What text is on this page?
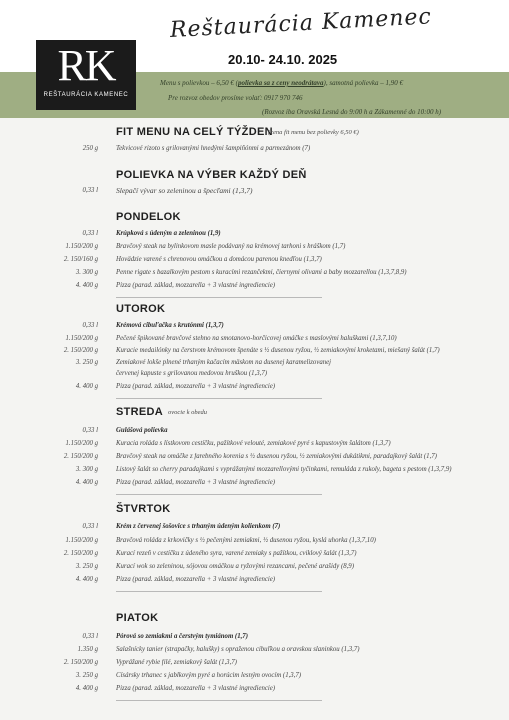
RK
REŠTAURÁCIA KAMENEC
Reštaurácia Kamenec
20.10- 24.10. 2025
Menu s polievkou – 6,50 € (polievka sa z ceny neodrátava), samotná polievka – 1,90 €
Pre rozvoz obedov prosíme volať: 0917 970 746
(Rozvoz iba Oravská Lesná do 9:00 h a Zákamenné do 10:00 h)
FIT MENU NA CELÝ TÝŽDEN
(cena fit menu bez polievky 6,50 €)
250 g	Tekvicové rizoto s grilovanými hnedými šampiňónmi a parmezánom (7)
POLIEVKA NA VÝBER KAŽDÝ DEŇ
0,33 l Slepačí vývar so zeleninou a špecľami (1,3,7)
PONDELOK
0,33 l	Krúpková s údeným a zeleninou (1,9)
1.150/200 g	Bravčový steak na bylinkovom masle podávaný na krémovej tarhoni s hráškom (1,7)
2. 150/160 g	Hovädzie varené s chrenovou omáčkou a domácou parenou knedľou (1,3,7)
3. 300 g	Penne rigate s bazalkovým pestom s kuracími rezančekmi, čiernymi olivami a baby mozzarellou (1,3,7,8,9)
4. 400 g	Pizza (parad. základ, mozzarella + 3 vlastné ingrediencie)
UTOROK
0,33 l	Krémová cibuľačka s krutónmi (1,3,7)
1.150/200 g	Pečené špikované bravčové stehno na smotanovo-horčicovej omáčke s maslovými haluškami (1,3,7,10)
2. 150/200 g	Kuracie medailónky na čerstvom krémovom špenáte s ½ dusenou ryžou, ½ zemiakovými kroketami, miešaný šalát (1,7)
3. 250 g	Zemiakové lokše plnené trhaným kačacím mäskom na dusenej karamelizovanej
červenej kapuste s grilovanou medovou hruškou (1,3,7)
4. 400 g	Pizza (parad. základ, mozzarella + 3 vlastné ingrediencie)
STREDA ovocie k obedu
0,33 l	Gulášová polievka
1.150/200 g	Kuracia roláda s lístkovom cestíčku, pažítkové velouté, zemiakové pyré s kapustovým šalátom (1,3,7)
2. 150/200 g	Bravčový steak na omáčke z farebného korenia s ½ dusenou ryžou, ½ zemiakovými dukátikmi, paradajkový šalát (1,7)
3. 300 g	Listový šalát so cherry paradajkami s vyprážanými mozzarellovými tyčinkami, remuláda z rukoly, bageta s pestom (1,3,7,9)
4. 400 g	Pizza (parad. základ, mozzarella + 3 vlastné ingrediencie)
ŠTVRTOK
0,33 l	Krém z červenej šošovice s trhaným údeným kolienkom (7)
1.150/200 g	Bravčová roláda z krkovičky s ½ pečenými zemiakmi, ½ dusenou ryžou, kyslá uhorka (1,3,7,10)
2. 150/200 g	Kurací rezeň v cestíčku z údeného syra, varené zemiaky s pažítkou, cviklový šalát (1,3,7)
3. 250 g	Kurací wok so zeleninou, sójovou omáčkou a ryžovými rezancami, pečené arašidy (8,9)
4. 400 g	Pizza (parad. základ, mozzarella + 3 vlastné ingrediencie)
PIATOK
0,33 l	Pórová so zemiakmi a čerstvým tymiánom (1,7)
1.350 g	Salašnícky tanier (strapačky, halušky) s opraženou cibuľkou a oravskou slaninkou (1,3,7)
2. 150/200 g	Vyprážané rybie filé, zemiakový šalát (1,3,7)
3. 250 g	Císársky trhanec s jablkovým pyré a horúcim lesným ovocím (1,3,7)
4. 400 g	Pizza (parad. základ, mozzarella + 3 vlastné ingrediencie)
